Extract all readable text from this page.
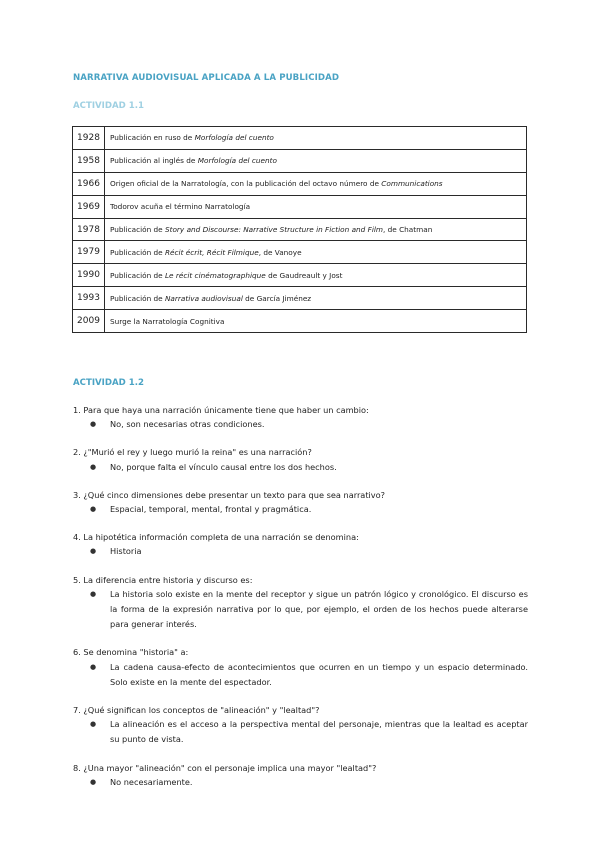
NARRATIVA AUDIOVISUAL APLICADA A LA PUBLICIDAD
ACTIVIDAD 1.1
1928	Publicación en ruso de Morfología del cuento
1958	Publicación al inglés de Morfología del cuento
1966	Origen oficial de la Narratología, con la publicación del octavo número de Communications
1969	Todorov acuña el término Narratología
1978	Publicación de Story and Discourse: Narrative Structure in Fiction and Film, de Chatman
1979	Publicación de Récit écrit, Récit Filmique, de Vanoye
1990	Publicación de Le récit cinématographique de Gaudreault y Jost
1993	Publicación de Narrativa audiovisual de García Jiménez
2009	Surge la Narratología Cognitiva
ACTIVIDAD 1.2
1. Para que haya una narración únicamente tiene que haber un cambio:
● No, son necesarias otras condiciones.
2. ¿"Murió el rey y luego murió la reina" es una narración?
● No, porque falta el vínculo causal entre los dos hechos.
3. ¿Qué cinco dimensiones debe presentar un texto para que sea narrativo?
● Espacial, temporal, mental, frontal y pragmática.
4. La hipotética información completa de una narración se denomina:
● Historia
5. La diferencia entre historia y discurso es:
● La historia solo existe en la mente del receptor y sigue un patrón lógico y cronológico. El discurso es la forma de la expresión narrativa por lo que, por ejemplo, el orden de los hechos puede alterarse para generar interés.
6. Se denomina "historia" a:
● La cadena causa-efecto de acontecimientos que ocurren en un tiempo y un espacio determinado. Solo existe en la mente del espectador.
7. ¿Qué significan los conceptos de "alineación" y "lealtad"?
● La alineación es el acceso a la perspectiva mental del personaje, mientras que la lealtad es aceptar su punto de vista.
8. ¿Una mayor "alineación" con el personaje implica una mayor "lealtad"?
● No necesariamente.
